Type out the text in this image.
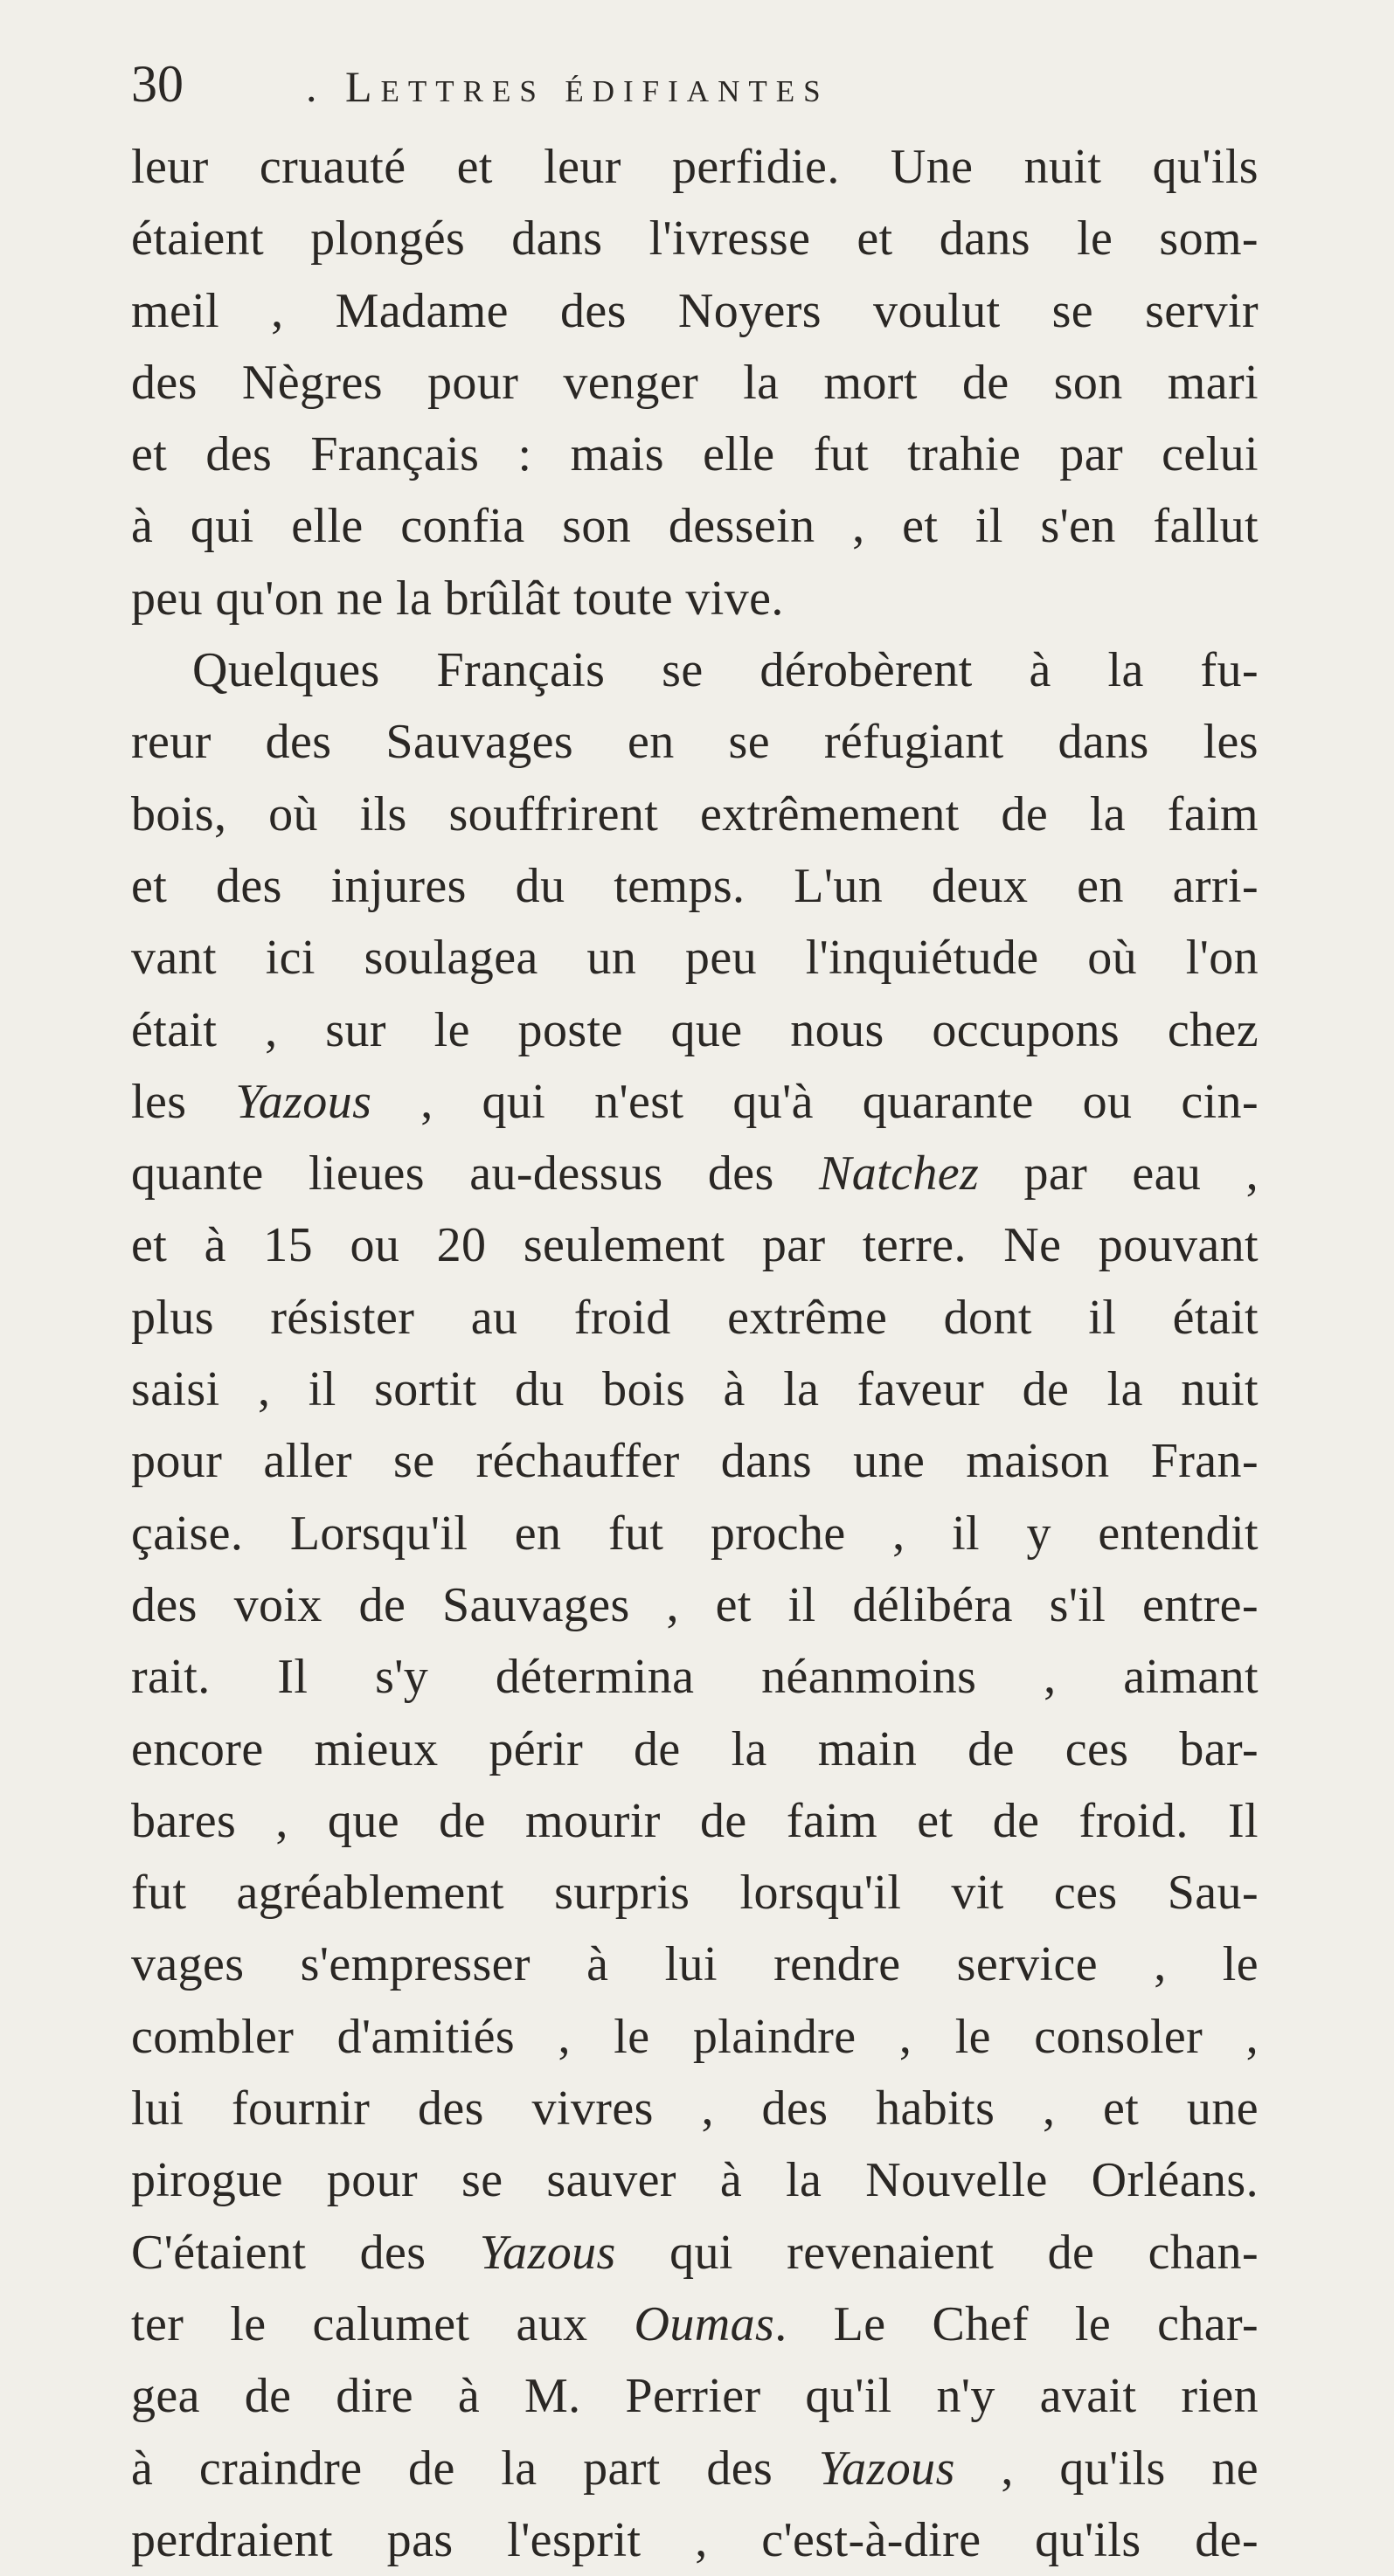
30	. Lettres édifiantes
leur cruauté et leur perfidie. Une nuit qu'ils
étaient plongés dans l'ivresse et dans le som-
meil , Madame des Noyers voulut se servir
des Nègres pour venger la mort de son mari
et des Français : mais elle fut trahie par celui
à qui elle confia son dessein , et il s'en fallut
peu qu'on ne la brûlât toute vive.
Quelques Français se dérobèrent à la fu-
reur des Sauvages en se réfugiant dans les
bois, où ils souffrirent extrêmement de la faim
et des injures du temps. L'un deux en arri-
vant ici soulagea un peu l'inquiétude où l'on
était , sur le poste que nous occupons chez
les Yazous , qui n'est qu'à quarante ou cin-
quante lieues au-dessus des Natchez par eau ,
et à 15 ou 20 seulement par terre. Ne pouvant
plus résister au froid extrême dont il était
saisi , il sortit du bois à la faveur de la nuit
pour aller se réchauffer dans une maison Fran-
çaise. Lorsqu'il en fut proche , il y entendit
des voix de Sauvages , et il délibéra s'il entre-
rait. Il s'y détermina néanmoins , aimant
encore mieux périr de la main de ces bar-
bares , que de mourir de faim et de froid. Il
fut agréablement surpris lorsqu'il vit ces Sau-
vages s'empresser à lui rendre service , le
combler d'amitiés , le plaindre , le consoler ,
lui fournir des vivres , des habits , et une
pirogue pour se sauver à la Nouvelle Orléans.
C'étaient des Yazous qui revenaient de chan-
ter le calumet aux Oumas. Le Chef le char-
gea de dire à M. Perrier qu'il n'y avait rien
à craindre de la part des Yazous , qu'ils ne
perdraient pas l'esprit , c'est-à-dire qu'ils de-
